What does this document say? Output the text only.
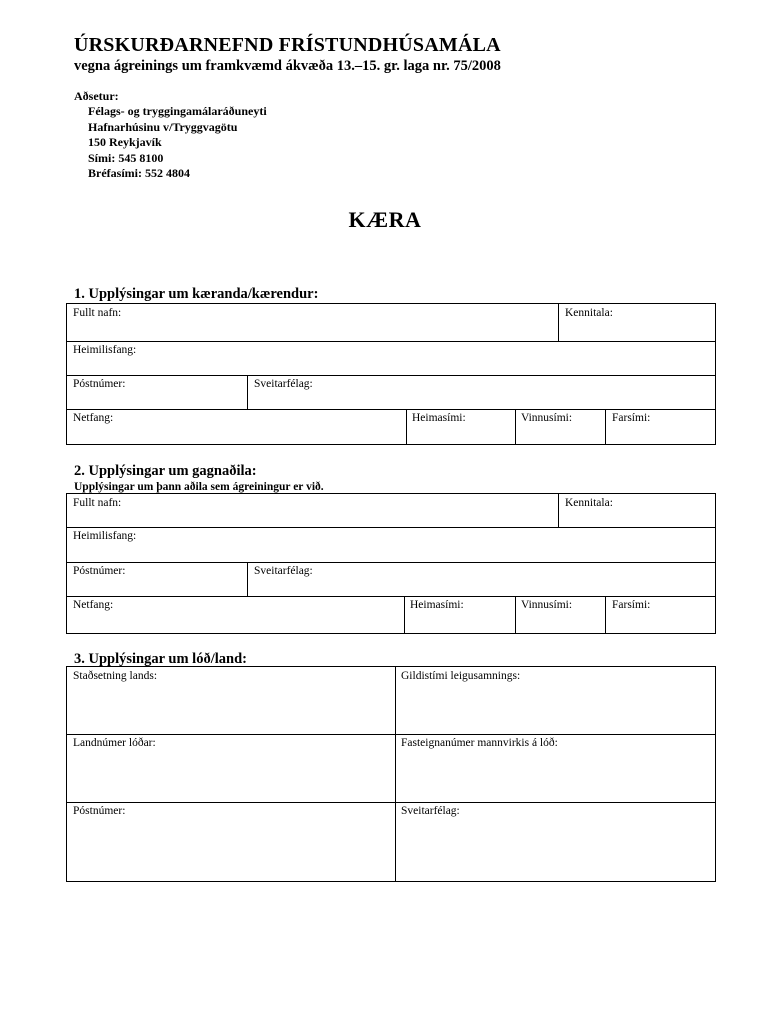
ÚRSKURÐARNEFND FRÍSTUNDHÚSAMÁLA
vegna ágreinings um framkvæmd ákvæða 13.–15. gr. laga nr. 75/2008
Aðsetur:
Félags- og tryggingamálaráðuneyti
Hafnarhúsinu v/Tryggvagötu
150 Reykjavík
Sími: 545 8100
Bréfasími: 552 4804
KÆRA
1. Upplýsingar um kæranda/kærendur:
Fullt nafn:	Kennitala:
Heimilisfang:
Póstnúmer:	Sveitarfélag:
Netfang:	Heimasími:	Vinnusími:	Farsími:
2. Upplýsingar um gagnaðila:
Upplýsingar um þann aðila sem ágreiningur er við.
Fullt nafn:	Kennitala:
Heimilisfang:
Póstnúmer:	Sveitarfélag:
Netfang:	Heimasími:	Vinnusími:	Farsími:
3. Upplýsingar um lóð/land:
Staðsetning lands:	Gildistími leigusamnings:
Landnúmer lóðar:	Fasteignanúmer mannvirkis á lóð:
Póstnúmer:	Sveitarfélag:
